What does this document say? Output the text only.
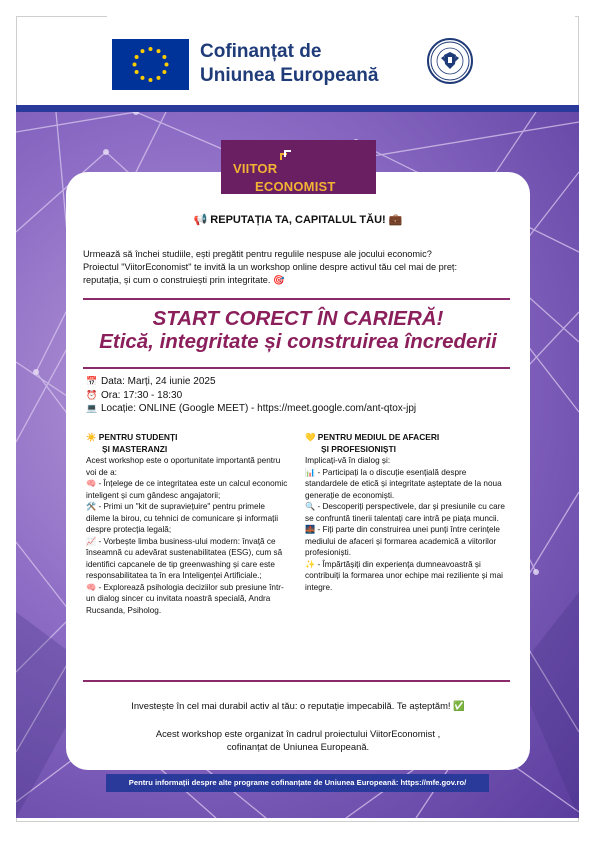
Cofinanțat de
Uniunea Europeană
VIITOR
ECONOMIST
📢 REPUTAȚIA TA, CAPITALUL TĂU! 💼
Urmează să închei studiile, ești pregătit pentru regulile nespuse ale jocului economic?
Proiectul "ViitorEconomist" te invită la un workshop online despre activul tău cel mai de preț:
reputația, și cum o construiești prin integritate. 🎯
START CORECT ÎN CARIERĂ!
Etică, integritate și construirea încrederii
📅 Data: Marți, 24 iunie 2025
⏰ Ora: 17:30 - 18:30
💻 Locație: ONLINE (Google MEET) - https://meet.google.com/ant-qtox-jpj
☀️ PENTRU STUDENȚI
ȘI MASTERANZI

Acest workshop este o oportunitate importantă pentru voi de a:

🧠 - Înțelege de ce integritatea este un calcul economic inteligent și cum gândesc angajatorii;

🛠️ - Primi un "kit de supraviețuire" pentru primele dileme la birou, cu tehnici de comunicare și informații despre protecția legală;

📈 - Vorbește limba business-ului modern: învață ce înseamnă cu adevărat sustenabilitatea (ESG), cum să identifici capcanele de tip greenwashing și care este responsabilitatea ta în era Inteligenței Artificiale.;

🧠 - Explorează psihologia deciziilor sub presiune într-un dialog sincer cu invitata noastră specială, Andra Rucsanda, Psiholog.

💛 PENTRU MEDIUL DE AFACERI
ȘI PROFESIONIȘTI

Implicați-vă în dialog și:

📊 - Participați la o discuție esențială despre standardele de etică și integritate așteptate de la noua generație de economiști.

🔍 - Descoperiți perspectivele, dar și presiunile cu care se confruntă tinerii talentați care intră pe piața muncii.

🌉 - Fiți parte din construirea unei punți între cerințele mediului de afaceri și formarea academică a viitorilor profesioniști.

✨ - Împărtășiți din experiența dumneavoastră și contribuiți la formarea unor echipe mai reziliente și mai integre.

Investește în cel mai durabil activ al tău: o reputație impecabilă. Te așteptăm! ✅
Acest workshop este organizat în cadrul proiectului ViitorEconomist ,
cofinanțat de Uniunea Europeană.
Pentru informații despre alte programe cofinanțate de Uniunea Europeană: https://mfe.gov.ro/
